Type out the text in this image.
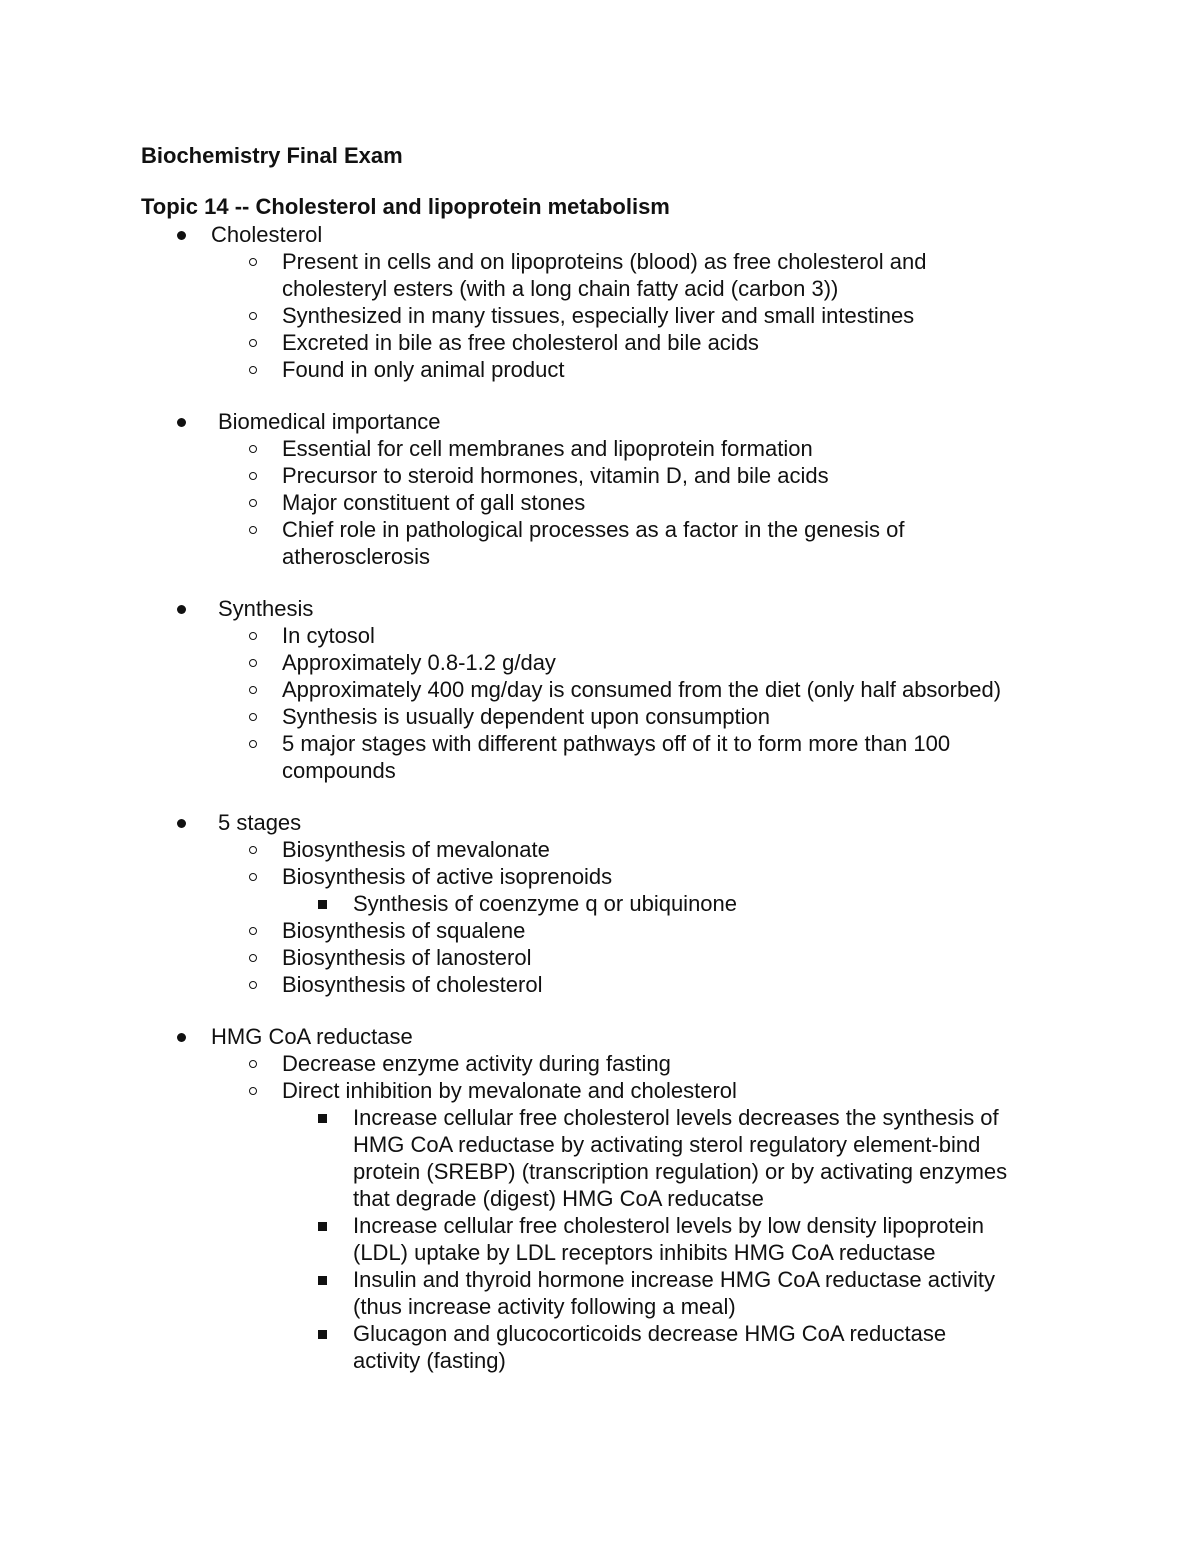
Biochemistry Final Exam
Topic 14 -- Cholesterol and lipoprotein metabolism
Cholesterol
Present in cells and on lipoproteins (blood) as free cholesterol and
cholesteryl esters (with a long chain fatty acid (carbon 3))
Synthesized in many tissues, especially liver and small intestines
Excreted in bile as free cholesterol and bile acids
Found in only animal product
Biomedical importance
Essential for cell membranes and lipoprotein formation
Precursor to steroid hormones, vitamin D, and bile acids
Major constituent of gall stones
Chief role in pathological processes as a factor in the genesis of
atherosclerosis
Synthesis
In cytosol
Approximately 0.8-1.2 g/day
Approximately 400 mg/day is consumed from the diet (only half absorbed)
Synthesis is usually dependent upon consumption
5 major stages with different pathways off of it to form more than 100
compounds
5 stages
Biosynthesis of mevalonate
Biosynthesis of active isoprenoids
Synthesis of coenzyme q or ubiquinone
Biosynthesis of squalene
Biosynthesis of lanosterol
Biosynthesis of cholesterol
HMG CoA reductase
Decrease enzyme activity during fasting
Direct inhibition by mevalonate and cholesterol
Increase cellular free cholesterol levels decreases the synthesis of
HMG CoA reductase by activating sterol regulatory element-bind
protein (SREBP) (transcription regulation) or by activating enzymes
that degrade (digest) HMG CoA reducatse
Increase cellular free cholesterol levels by low density lipoprotein
(LDL) uptake by LDL receptors inhibits HMG CoA reductase
Insulin and thyroid hormone increase HMG CoA reductase activity
(thus increase activity following a meal)
Glucagon and glucocorticoids decrease HMG CoA reductase
activity (fasting)
